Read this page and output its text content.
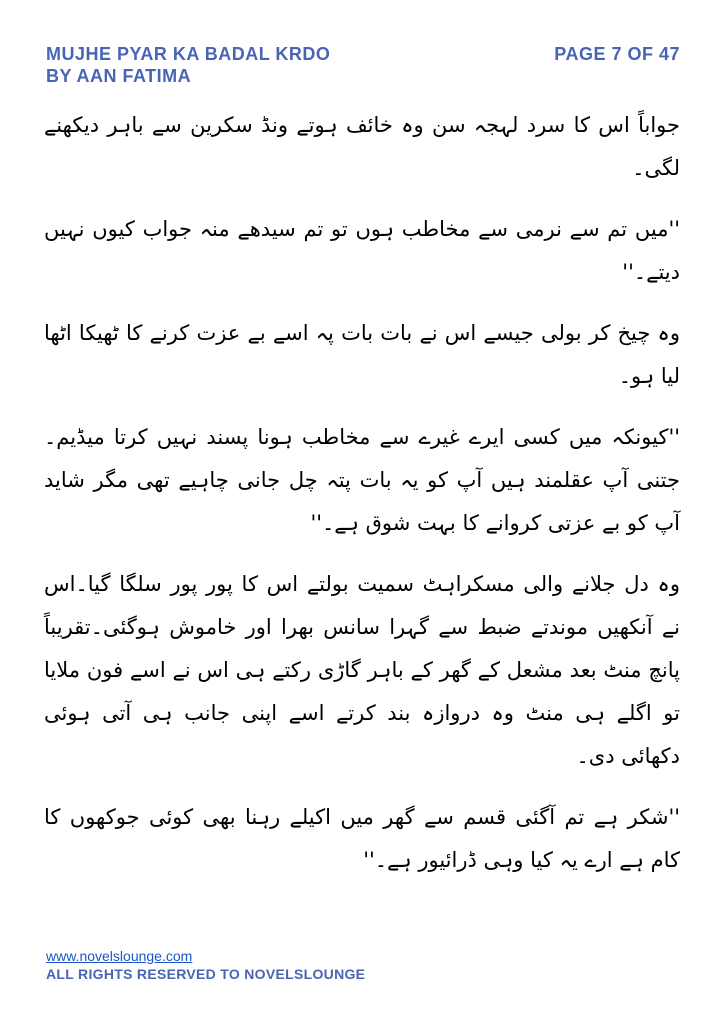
MUJHE PYAR KA BADAL KRDO
BY AAN FATIMA
PAGE 7 OF 47

جواباً اس کا سرد لہجہ سن وہ خائف ہوتے ونڈ سکرین سے باہر دیکھنے لگی۔

''میں تم سے نرمی سے مخاطب ہوں تو تم سیدھے منہ جواب کیوں نہیں دیتے۔''

وہ چیخ کر بولی جیسے اس نے بات بات پہ اسے بے عزت کرنے کا ٹھیکا اٹھا لیا ہو۔

''کیونکہ میں کسی ایرے غیرے سے مخاطب ہونا پسند نہیں کرتا میڈیم۔ جتنی آپ عقلمند ہیں آپ کو یہ بات پتہ چل جانی چاہیے تھی مگر شاید آپ کو بے عزتی کروانے کا بہت شوق ہے۔''

وہ دل جلانے والی مسکراہٹ سمیت بولتے اس کا پور پور سلگا گیا۔اس نے آنکھیں موندتے ضبط سے گہرا سانس بھرا اور خاموش ہوگئی۔تقریباً پانچ منٹ بعد مشعل کے گھر کے باہر گاڑی رکتے ہی اس نے اسے فون ملایا تو اگلے ہی منٹ وہ دروازہ بند کرتے اسے اپنی جانب ہی آتی ہوئی دکھائی دی۔

''شکر ہے تم آگئی قسم سے گھر میں اکیلے رہنا بھی کوئی جوکھوں کا کام ہے ارے یہ کیا وہی ڈرائیور ہے۔''

www.novelslounge.com
ALL RIGHTS RESERVED TO NOVELSLOUNGE
